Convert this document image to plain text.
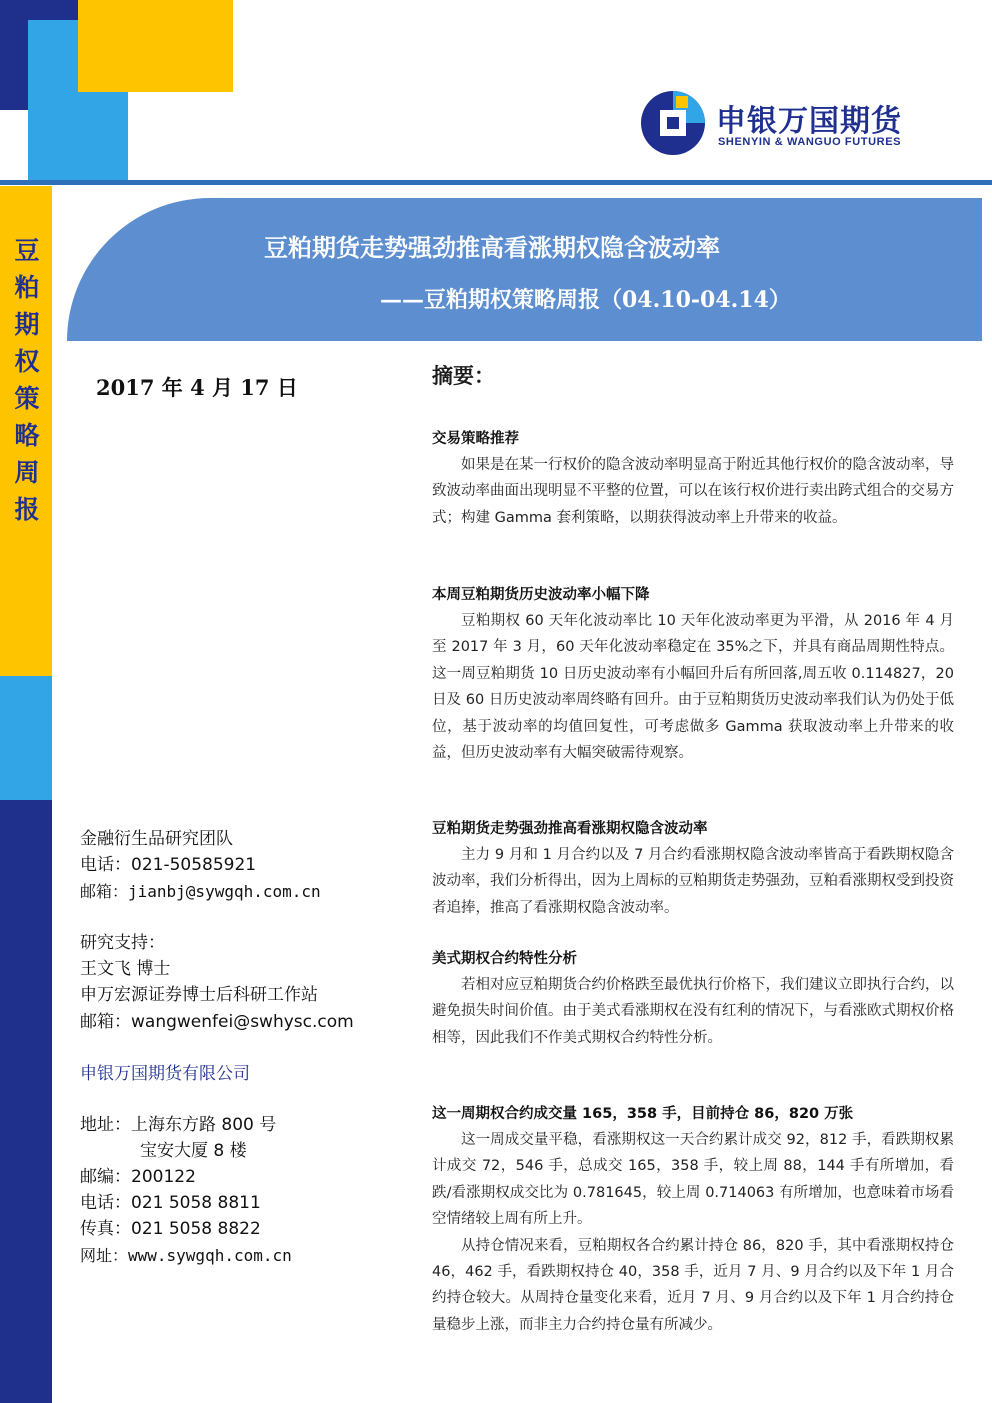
申银万国期货
SHENYIN & WANGUO FUTURES
豆粕期权策略周报
豆粕期货走势强劲推高看涨期权隐含波动率
——豆粕期权策略周报（04.10-04.14）
2017 年 4 月 17 日
金融衍生品研究团队
电话：021-50585921
邮箱：jianbj@sywgqh.com.cn
研究支持：
王文飞 博士
申万宏源证券博士后科研工作站
邮箱：wangwenfei@swhysc.com
申银万国期货有限公司
地址：上海东方路 800 号
宝安大厦 8 楼
邮编：200122
电话：021 5058 8811
传真：021 5058 8822
网址：www.sywgqh.com.cn
摘要：
交易策略推荐

如果是在某一行权价的隐含波动率明显高于附近其他行权价的隐含波动率，导致波动率曲面出现明显不平整的位置，可以在该行权价进行卖出跨式组合的交易方式；构建 Gamma 套利策略，以期获得波动率上升带来的收益。

本周豆粕期货历史波动率小幅下降

豆粕期权 60 天年化波动率比 10 天年化波动率更为平滑，从 2016 年 4 月至 2017 年 3 月，60 天年化波动率稳定在 35%之下，并具有商品周期性特点。这一周豆粕期货 10 日历史波动率有小幅回升后有所回落,周五收 0.114827，20 日及 60 日历史波动率周终略有回升。由于豆粕期货历史波动率我们认为仍处于低位，基于波动率的均值回复性，可考虑做多 Gamma 获取波动率上升带来的收益，但历史波动率有大幅突破需待观察。

豆粕期货走势强劲推高看涨期权隐含波动率

主力 9 月和 1 月合约以及 7 月合约看涨期权隐含波动率皆高于看跌期权隐含波动率，我们分析得出，因为上周标的豆粕期货走势强劲，豆粕看涨期权受到投资者追捧，推高了看涨期权隐含波动率。

美式期权合约特性分析

若相对应豆粕期货合约价格跌至最优执行价格下，我们建议立即执行合约，以避免损失时间价值。由于美式看涨期权在没有红利的情况下，与看涨欧式期权价格相等，因此我们不作美式期权合约特性分析。

这一周期权合约成交量 165，358 手，目前持仓 86，820 万张

这一周成交量平稳，看涨期权这一天合约累计成交 92，812 手，看跌期权累计成交 72，546 手，总成交 165，358 手，较上周 88，144 手有所增加，看跌/看涨期权成交比为 0.781645，较上周 0.714063 有所增加，也意味着市场看空情绪较上周有所上升。

从持仓情况来看，豆粕期权各合约累计持仓 86，820 手，其中看涨期权持仓 46，462 手，看跌期权持仓 40，358 手，近月 7 月、9 月合约以及下年 1 月合约持仓较大。从周持仓量变化来看，近月 7 月、9 月合约以及下年 1 月合约持仓量稳步上涨，而非主力合约持仓量有所减少。
